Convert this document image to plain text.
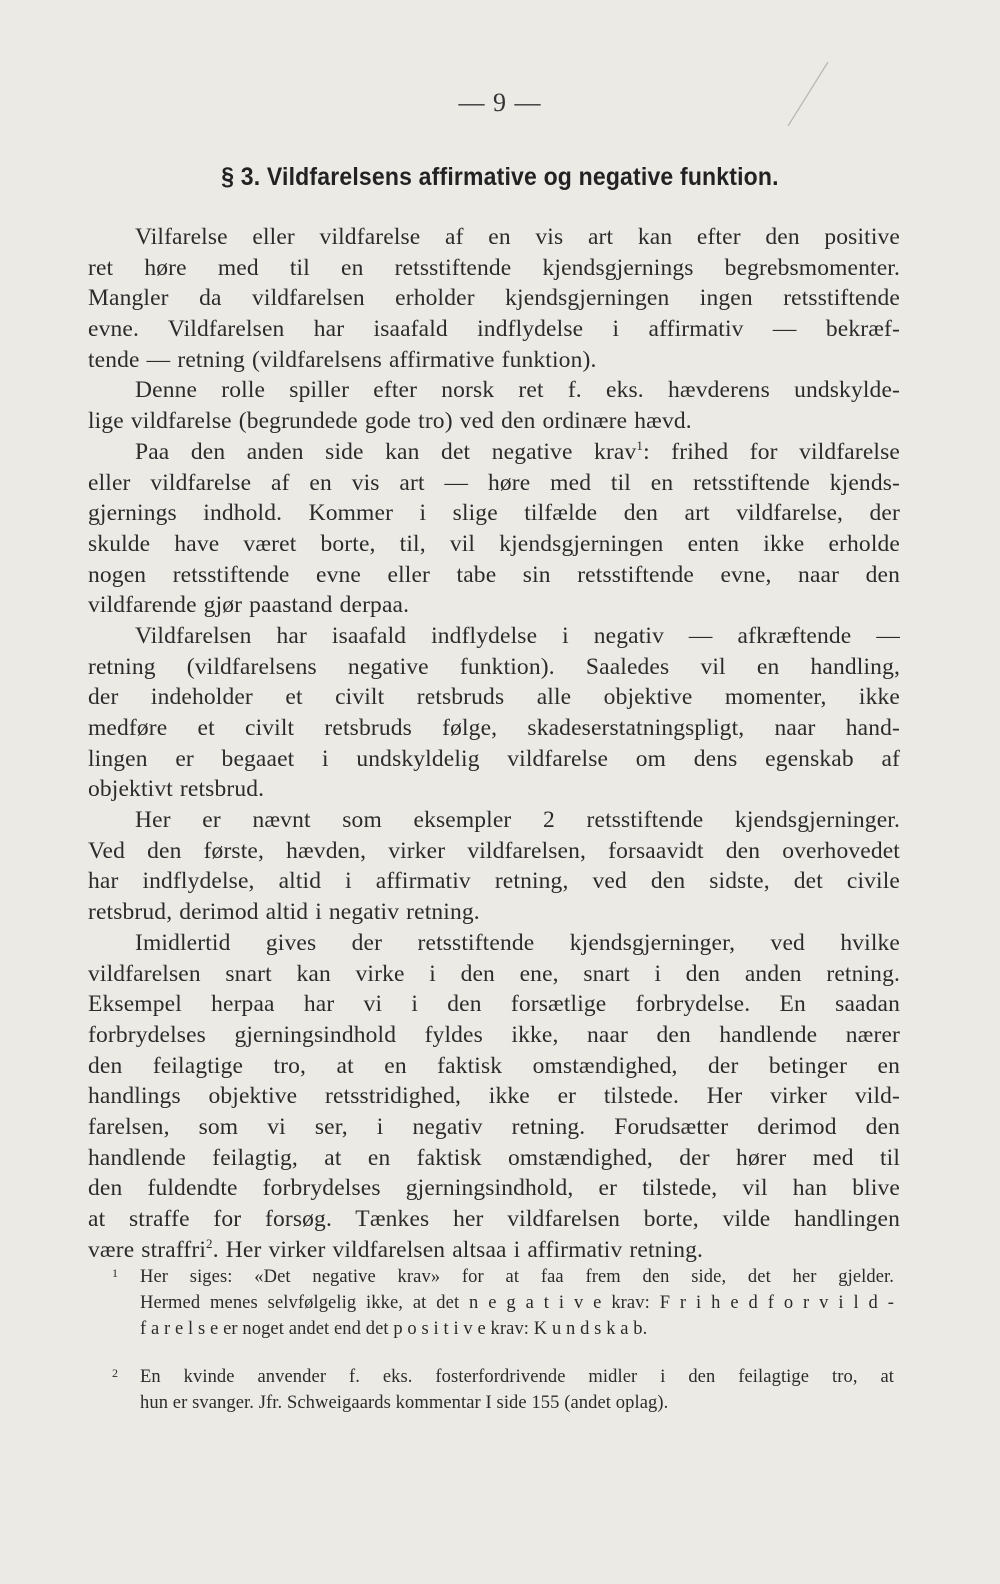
— 9 —
§ 3. Vildfarelsens affirmative og negative funktion.
Vilfarelse eller vildfarelse af en vis art kan efter den positive
ret høre med til en retsstiftende kjendsgjernings begrebsmomenter.
Mangler da vildfarelsen erholder kjendsgjerningen ingen retsstiftende
evne. Vildfarelsen har isaafald indflydelse i affirmativ — bekræf-
tende — retning (vildfarelsens affirmative funktion).
Denne rolle spiller efter norsk ret f. eks. hævderens undskylde-
lige vildfarelse (begrundede gode tro) ved den ordinære hævd.
Paa den anden side kan det negative krav$^1$: frihed for vildfarelse
eller vildfarelse af en vis art — høre med til en retsstiftende kjends-
gjernings indhold. Kommer i slige tilfælde den art vildfarelse, der
skulde have været borte, til, vil kjendsgjerningen enten ikke erholde
nogen retsstiftende evne eller tabe sin retsstiftende evne, naar den
vildfarende gjør paastand derpaa.
Vildfarelsen har isaafald indflydelse i negativ — afkræftende —
retning (vildfarelsens negative funktion). Saaledes vil en handling,
der indeholder et civilt retsbruds alle objektive momenter, ikke
medføre et civilt retsbruds følge, skadeserstatningspligt, naar hand-
lingen er begaaet i undskyldelig vildfarelse om dens egenskab af
objektivt retsbrud.
Her er nævnt som eksempler 2 retsstiftende kjendsgjerninger.
Ved den første, hævden, virker vildfarelsen, forsaavidt den overhovedet
har indflydelse, altid i affirmativ retning, ved den sidste, det civile
retsbrud, derimod altid i negativ retning.
Imidlertid gives der retsstiftende kjendsgjerninger, ved hvilke
vildfarelsen snart kan virke i den ene, snart i den anden retning.
Eksempel herpaa har vi i den forsætlige forbrydelse. En saadan
forbrydelses gjerningsindhold fyldes ikke, naar den handlende nærer
den feilagtige tro, at en faktisk omstændighed, der betinger en
handlings objektive retsstridighed, ikke er tilstede. Her virker vild-
farelsen, som vi ser, i negativ retning. Forudsætter derimod den
handlende feilagtig, at en faktisk omstændighed, der hører med til
den fuldendte forbrydelses gjerningsindhold, er tilstede, vil han blive
at straffe for forsøg. Tænkes her vildfarelsen borte, vilde handlingen
være straffri$^2$. Her virker vildfarelsen altsaa i affirmativ retning.
1 Her siges: «Det negative krav» for at faa frem den side, det her gjelder.
Hermed menes selvfølgelig ikke, at det n e g a t i v e krav: F r i h e d f o r v i l d -
f a r e l s e er noget andet end det p o s i t i v e krav: K u n d s k a b.
2 En kvinde anvender f. eks. fosterfordrivende midler i den feilagtige tro, at
hun er svanger. Jfr. Schweigaards kommentar I side 155 (andet oplag).
